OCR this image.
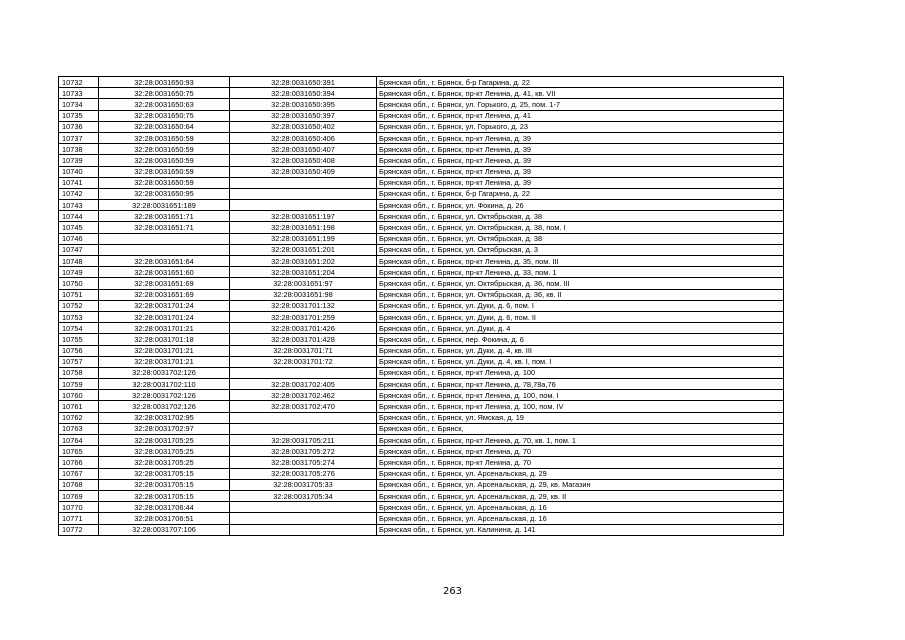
10732	32:28:0031650:93	32:28:0031650:391	Брянская обл., г. Брянск, б-р Гагарина, д. 22
10733	32:28:0031650:75	32:28:0031650:394	Брянская обл., г. Брянск, пр-кт Ленина, д. 41, кв. VII
10734	32:28:0031650:63	32:28:0031650:395	Брянская обл., г. Брянск, ул. Горького, д. 25, пом. 1-7
10735	32:28:0031650:75	32:28:0031650:397	Брянская обл., г. Брянск, пр-кт Ленина, д. 41
10736	32:28:0031650:64	32:28:0031650:402	Брянская обл., г. Брянск, ул. Горького, д. 23
10737	32:28:0031650:59	32:28:0031650:406	Брянская обл., г. Брянск, пр-кт Ленина, д. 39
10738	32:28:0031650:59	32:28:0031650:407	Брянская обл., г. Брянск, пр-кт Ленина, д. 39
10739	32:28:0031650:59	32:28:0031650:408	Брянская обл., г. Брянск, пр-кт Ленина, д. 39
10740	32:28:0031650:59	32:28:0031650:409	Брянская обл., г. Брянск, пр-кт Ленина, д. 39
10741	32:28:0031650:59		Брянская обл., г. Брянск, пр-кт Ленина, д. 39
10742	32:28:0031650:95		Брянская обл., г. Брянск, б-р Гагарина, д. 22
10743	32:28:0031651:189		Брянская обл., г. Брянск, ул. Фокина, д. 26
10744	32:28:0031651:71	32:28:0031651:197	Брянская обл., г. Брянск, ул. Октябрьская, д. 38
10745	32:28:0031651:71	32:28:0031651:198	Брянская обл., г. Брянск, ул. Октябрьская, д. 38, пом. I
10746		32:28:0031651:199	Брянская обл., г. Брянск, ул. Октябрьская, д. 38
10747		32:28:0031651:201	Брянская обл., г. Брянск, ул. Октябрьская, д. 3
10748	32:28:0031651:64	32:28:0031651:202	Брянская обл., г. Брянск, пр-кт Ленина, д. 35, пом. III
10749	32:28:0031651:60	32:28:0031651:204	Брянская обл., г. Брянск, пр-кт Ленина, д. 33, пом. 1
10750	32:28:0031651:69	32:28:0031651:97	Брянская обл., г. Брянск, ул. Октябрьская, д. 36, пом. III
10751	32:28:0031651:69	32:28:0031651:98	Брянская обл., г. Брянск, ул. Октябрьская, д. 36, кв. II
10752	32:28:0031701:24	32:28:0031701:132	Брянская обл., г. Брянск, ул. Дуки, д. 6, пом. I
10753	32:28:0031701:24	32:28:0031701:259	Брянская обл., г. Брянск, ул. Дуки, д. 6, пом. II
10754	32:28:0031701:21	32:28:0031701:426	Брянская обл., г. Брянск, ул. Дуки, д. 4
10755	32:28:0031701:18	32:28:0031701:428	Брянская обл., г. Брянск, пер. Фокина, д. 6
10756	32:28:0031701:21	32:28:0031701:71	Брянская обл., г. Брянск, ул. Дуки, д. 4, кв. III
10757	32:28:0031701:21	32:28:0031701:72	Брянская обл., г. Брянск, ул. Дуки, д. 4, кв. I, пом. I
10758	32:28:0031702:126		Брянская обл., г. Брянск, пр-кт Ленина, д. 100
10759	32:28:0031702:110	32:28:0031702:405	Брянская обл., г. Брянск, пр-кт Ленина, д. 78,78а,76
10760	32:28:0031702:126	32:28:0031702:462	Брянская обл., г. Брянск, пр-кт Ленина, д. 100, пом. I
10761	32:28:0031702:126	32:28:0031702:470	Брянская обл., г. Брянск, пр-кт Ленина, д. 100, пом. IV
10762	32:28:0031702:95		Брянская обл., г. Брянск, ул. Ямская, д. 19
10763	32:28:0031702:97		Брянская обл., г. Брянск,
10764	32:28:0031705:25	32:28:0031705:211	Брянская обл., г. Брянск, пр-кт Ленина, д. 70, кв. 1, пом. 1
10765	32:28:0031705:25	32:28:0031705:272	Брянская обл., г. Брянск, пр-кт Ленина, д. 70
10766	32:28:0031705:25	32:28:0031705:274	Брянская обл., г. Брянск, пр-кт Ленина, д. 70
10767	32:28:0031705:15	32:28:0031705:276	Брянская обл., г. Брянск, ул. Арсенальская, д. 29
10768	32:28:0031705:15	32:28:0031705:33	Брянская обл., г. Брянск, ул. Арсенальская, д. 29, кв. Магазин
10769	32:28:0031705:15	32:28:0031705:34	Брянская обл., г. Брянск, ул. Арсенальская, д. 29, кв. II
10770	32:28:0031706:44		Брянская обл., г. Брянск, ул. Арсенальская, д. 16
10771	32:28:0031706:51		Брянская обл., г. Брянск, ул. Арсенальская, д. 16
10772	32:28:0031707:106		Брянская обл., г. Брянск, ул. Калинина, д. 141
263
